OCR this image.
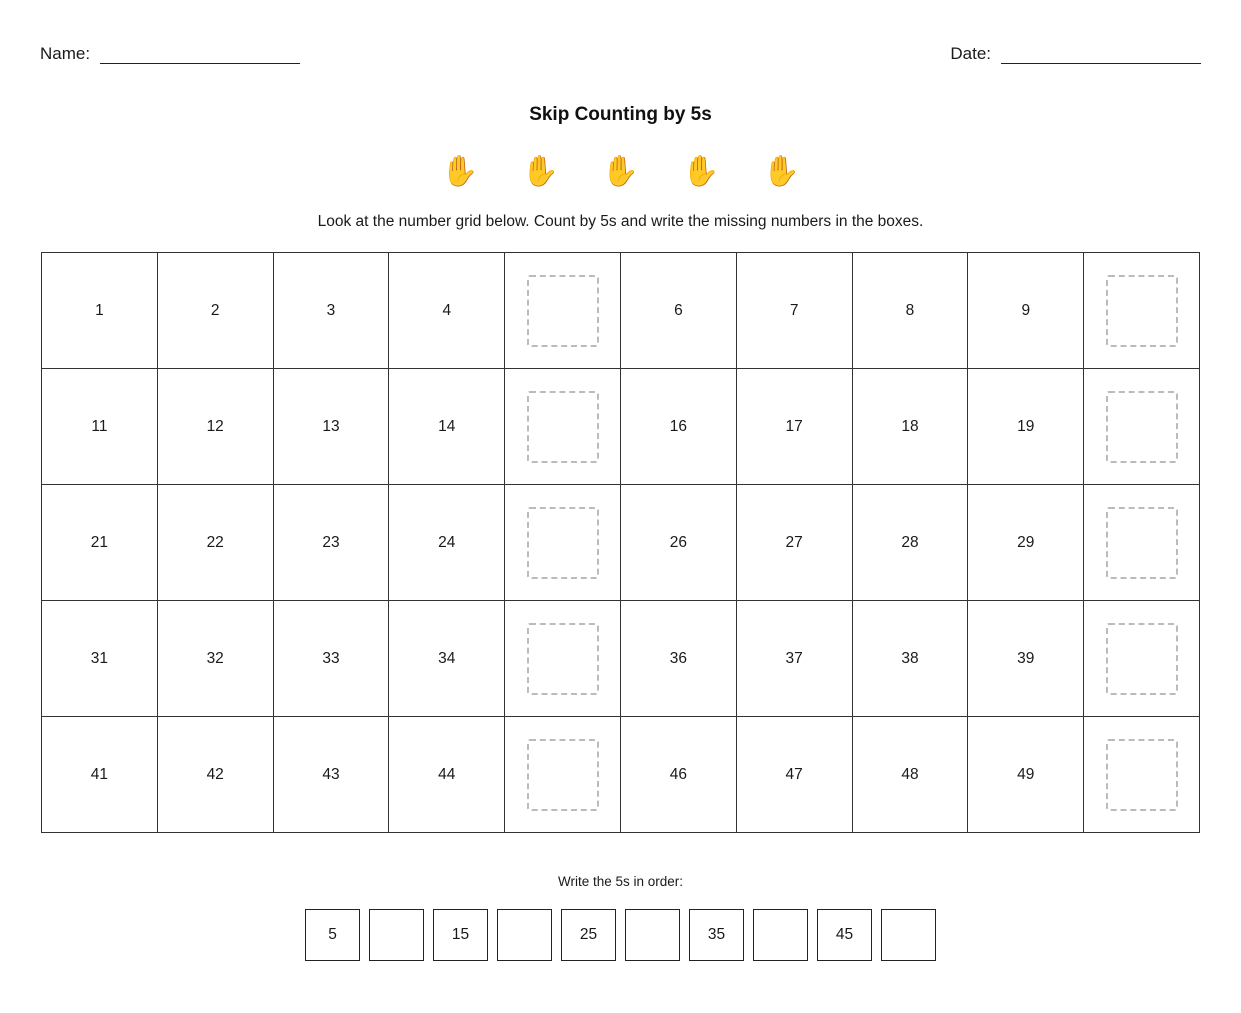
Name:	Date:
Skip Counting by 5s
✋ ✋ ✋ ✋ ✋
Look at the number grid below. Count by 5s and write the missing numbers in the boxes.
1	2	3	4		6	7	8	9	

11	12	13	14		16	17	18	19	

21	22	23	24		26	27	28	29	

31	32	33	34		36	37	38	39	

41	42	43	44		46	47	48	49	
Write the 5s in order:
5	15	25	35	45
